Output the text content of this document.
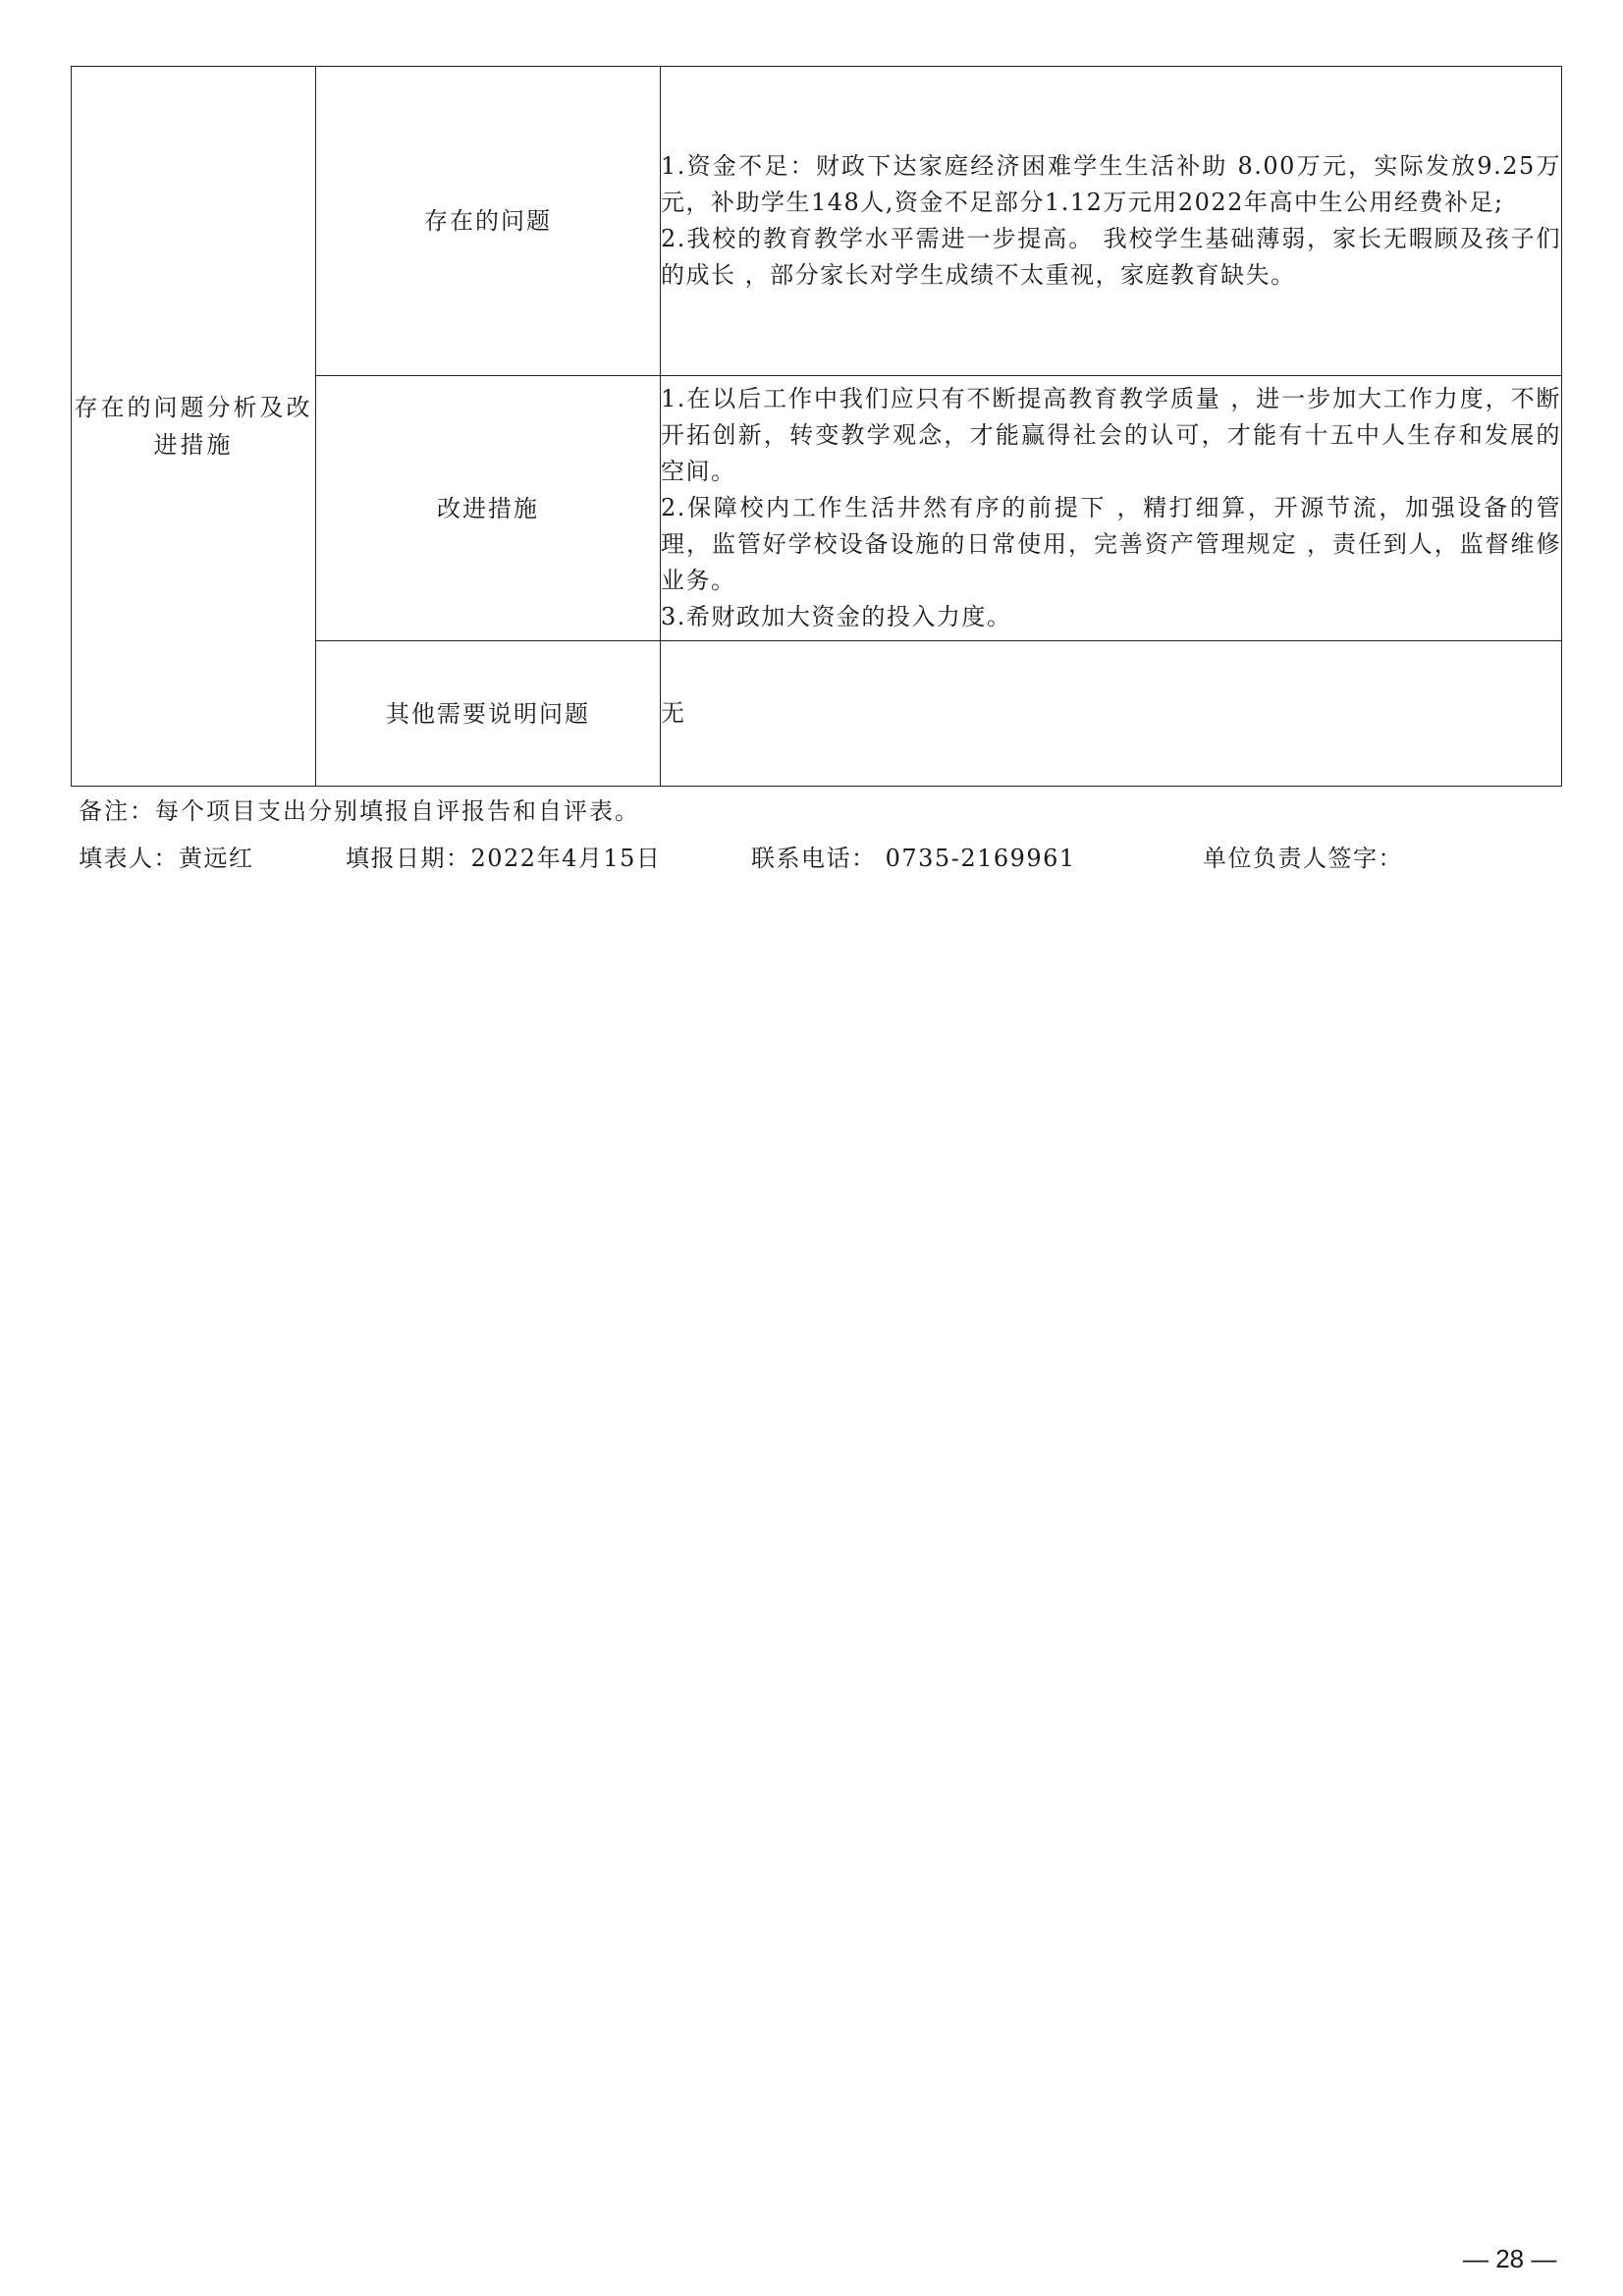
存在的问题分析及改进措施	存在的问题	1.资金不足：财政下达家庭经济困难学生生活补助 8.00万元，实际发放9.25万元，补助学生148人,资金不足部分1.12万元用2022年高中生公用经费补足;
2.我校的教育教学水平需进一步提高。 我校学生基础薄弱，家长无暇顾及孩子们的成长 ，部分家长对学生成绩不太重视，家庭教育缺失。

	改进措施	1.在以后工作中我们应只有不断提高教育教学质量 ，进一步加大工作力度，不断开拓创新，转变教学观念，才能赢得社会的认可，才能有十五中人生存和发展的空间。
2.保障校内工作生活井然有序的前提下 ，精打细算，开源节流，加强设备的管理，监管好学校设备设施的日常使用，完善资产管理规定 ，责任到人，监督维修业务。
3.希财政加大资金的投入力度。

	其他需要说明问题	无
备注：每个项目支出分别填报自评报告和自评表。
填表人：黄远红	填报日期：2022年4月15日	联系电话： 0735-2169961	单位负责人签字：
— 28 —
